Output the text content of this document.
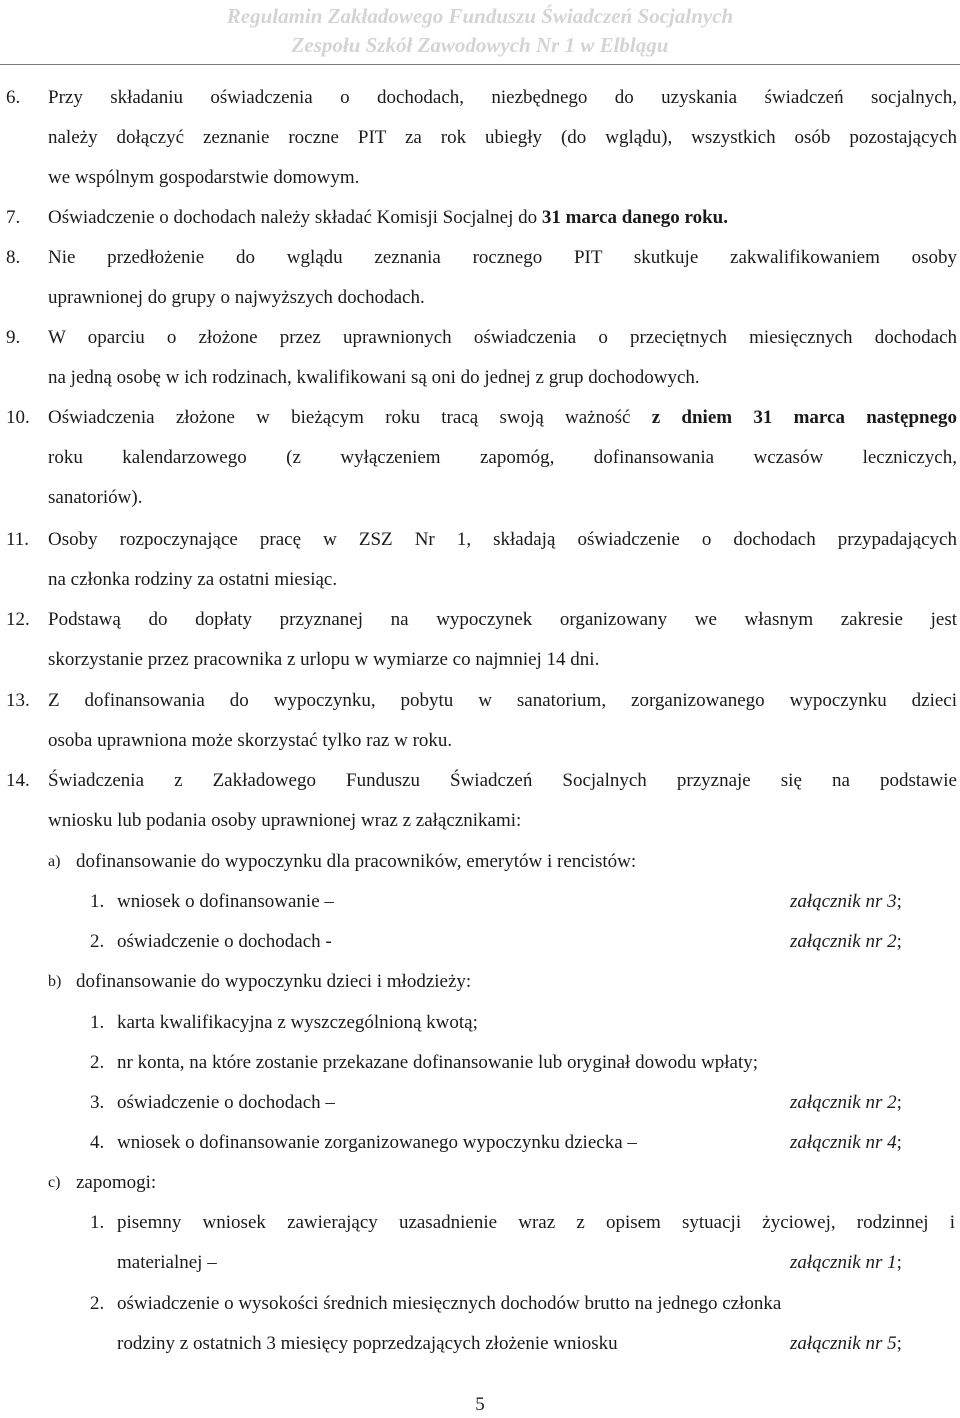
Regulamin Zakładowego Funduszu Świadczeń Socjalnych
Zespołu Szkół Zawodowych Nr 1 w Elblągu
6. Przy składaniu oświadczenia o dochodach, niezbędnego do uzyskania świadczeń socjalnych,
należy dołączyć zeznanie roczne PIT za rok ubiegły (do wglądu), wszystkich osób pozostających
we wspólnym gospodarstwie domowym.
7. Oświadczenie o dochodach należy składać Komisji Socjalnej do 31 marca danego roku.
8. Nie przedłożenie do wglądu zeznania rocznego PIT skutkuje zakwalifikowaniem osoby
uprawnionej do grupy o najwyższych dochodach.
9. W oparciu o złożone przez uprawnionych oświadczenia o przeciętnych miesięcznych dochodach
na jedną osobę w ich rodzinach, kwalifikowani są oni do jednej z grup dochodowych.
10. Oświadczenia złożone w bieżącym roku tracą swoją ważność z dniem 31 marca następnego
roku kalendarzowego (z wyłączeniem zapomóg, dofinansowania wczasów leczniczych,
sanatoriów).
11. Osoby rozpoczynające pracę w ZSZ Nr 1, składają oświadczenie o dochodach przypadających
na członka rodziny za ostatni miesiąc.
12. Podstawą do dopłaty przyznanej na wypoczynek organizowany we własnym zakresie jest
skorzystanie przez pracownika z urlopu w wymiarze co najmniej 14 dni.
13. Z dofinansowania do wypoczynku, pobytu w sanatorium, zorganizowanego wypoczynku dzieci
osoba uprawniona może skorzystać tylko raz w roku.
14. Świadczenia z Zakładowego Funduszu Świadczeń Socjalnych przyznaje się na podstawie
wniosku lub podania osoby uprawnionej wraz z załącznikami:
a) dofinansowanie do wypoczynku dla pracowników, emerytów i rencistów:
1. wniosek o dofinansowanie –	załącznik nr 3;
2. oświadczenie o dochodach -	załącznik nr 2;
b) dofinansowanie do wypoczynku dzieci i młodzieży:
1. karta kwalifikacyjna z wyszczególnioną kwotą;
2. nr konta, na które zostanie przekazane dofinansowanie lub oryginał dowodu wpłaty;
3. oświadczenie o dochodach –	załącznik nr 2;
4. wniosek o dofinansowanie zorganizowanego wypoczynku dziecka –	załącznik nr 4;
c) zapomogi:
1. pisemny wniosek zawierający uzasadnienie wraz z opisem sytuacji życiowej, rodzinnej i
materialnej –	załącznik nr 1;
2. oświadczenie o wysokości średnich miesięcznych dochodów brutto na jednego członka
rodziny z ostatnich 3 miesięcy poprzedzających złożenie wniosku	załącznik nr 5;
5
